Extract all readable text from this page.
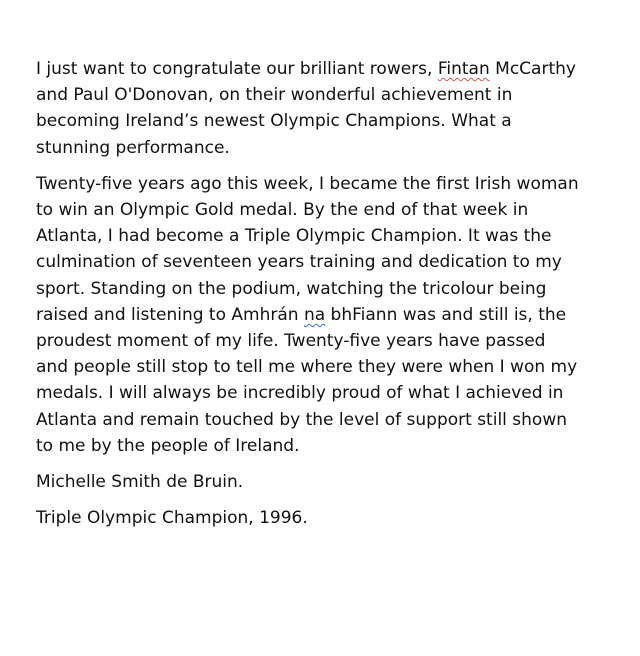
I just want to congratulate our brilliant rowers, Fintan McCarthy
and Paul O'Donovan, on their wonderful achievement in
becoming Ireland’s newest Olympic Champions. What a
stunning performance.

Twenty-five years ago this week, I became the first Irish woman
to win an Olympic Gold medal. By the end of that week in
Atlanta, I had become a Triple Olympic Champion. It was the
culmination of seventeen years training and dedication to my
sport. Standing on the podium, watching the tricolour being
raised and listening to Amhrán na bhFiann was and still is, the
proudest moment of my life. Twenty-five years have passed
and people still stop to tell me where they were when I won my
medals. I will always be incredibly proud of what I achieved in
Atlanta and remain touched by the level of support still shown
to me by the people of Ireland.

Michelle Smith de Bruin.

Triple Olympic Champion, 1996.
